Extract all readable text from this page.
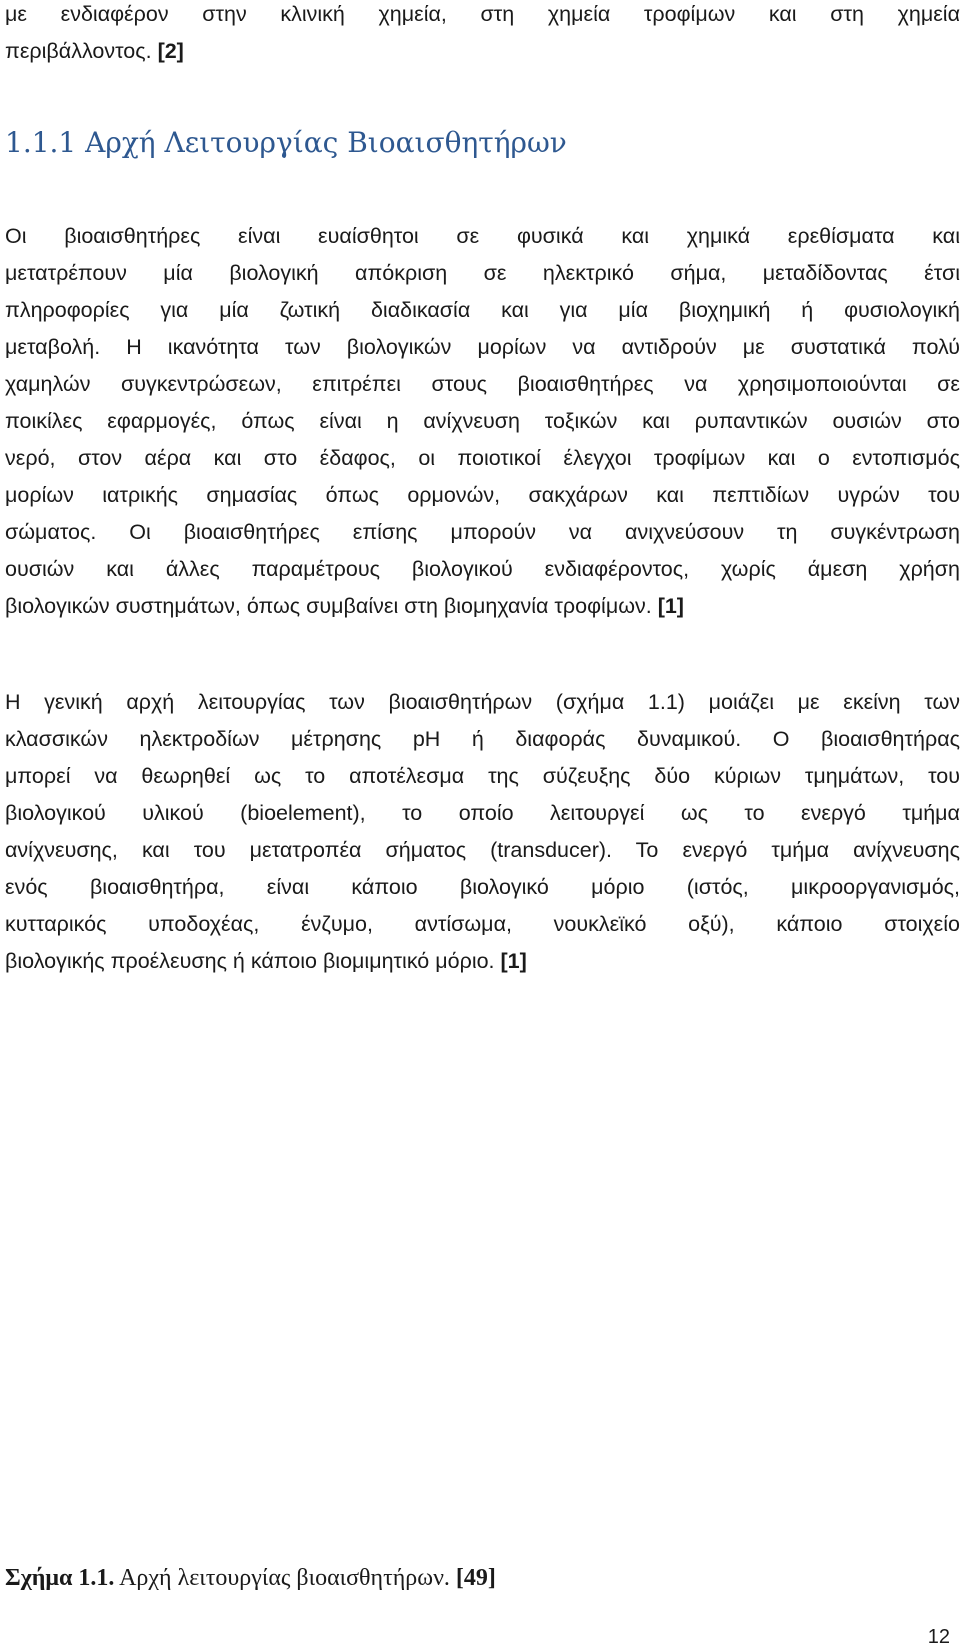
με ενδιαφέρον στην κλινική χημεία, στη χημεία τροφίμων και στη χημεία
περιβάλλοντος. [2]
1.1.1 Αρχή Λειτουργίας Βιοαισθητήρων
Οι βιοαισθητήρες είναι ευαίσθητοι σε φυσικά και χημικά ερεθίσματα και
μετατρέπουν μία βιολογική απόκριση σε ηλεκτρικό σήμα, μεταδίδοντας έτσι
πληροφορίες για μία ζωτική διαδικασία και για μία βιοχημική ή φυσιολογική
μεταβολή. Η ικανότητα των βιολογικών μορίων να αντιδρούν με συστατικά πολύ
χαμηλών συγκεντρώσεων, επιτρέπει στους βιοαισθητήρες να χρησιμοποιούνται σε
ποικίλες εφαρμογές, όπως είναι η ανίχνευση τοξικών και ρυπαντικών ουσιών στο
νερό, στον αέρα και στο έδαφος, οι ποιοτικοί έλεγχοι τροφίμων και ο εντοπισμός
μορίων ιατρικής σημασίας όπως ορμονών, σακχάρων και πεπτιδίων υγρών του
σώματος. Οι βιοαισθητήρες επίσης μπορούν να ανιχνεύσουν τη συγκέντρωση
ουσιών και άλλες παραμέτρους βιολογικού ενδιαφέροντος, χωρίς άμεση χρήση
βιολογικών συστημάτων, όπως συμβαίνει στη βιομηχανία τροφίμων. [1]
Η γενική αρχή λειτουργίας των βιοαισθητήρων (σχήμα 1.1) μοιάζει με εκείνη των
κλασσικών ηλεκτροδίων μέτρησης pH ή διαφοράς δυναμικού. Ο βιοαισθητήρας
μπορεί να θεωρηθεί ως το αποτέλεσμα της σύζευξης δύο κύριων τμημάτων, του
βιολογικού υλικού (bioelement), το οποίο λειτουργεί ως το ενεργό τμήμα
ανίχνευσης, και του μετατροπέα σήματος (transducer). Το ενεργό τμήμα ανίχνευσης
ενός βιοαισθητήρα, είναι κάποιο βιολογικό μόριο (ιστός, μικροοργανισμός,
κυτταρικός υποδοχέας, ένζυμο, αντίσωμα, νουκλεϊκό οξύ), κάποιο στοιχείο
βιολογικής προέλευσης ή κάποιο βιομιμητικό μόριο. [1]
Σχήμα 1.1. Αρχή λειτουργίας βιοαισθητήρων. [49]
12
